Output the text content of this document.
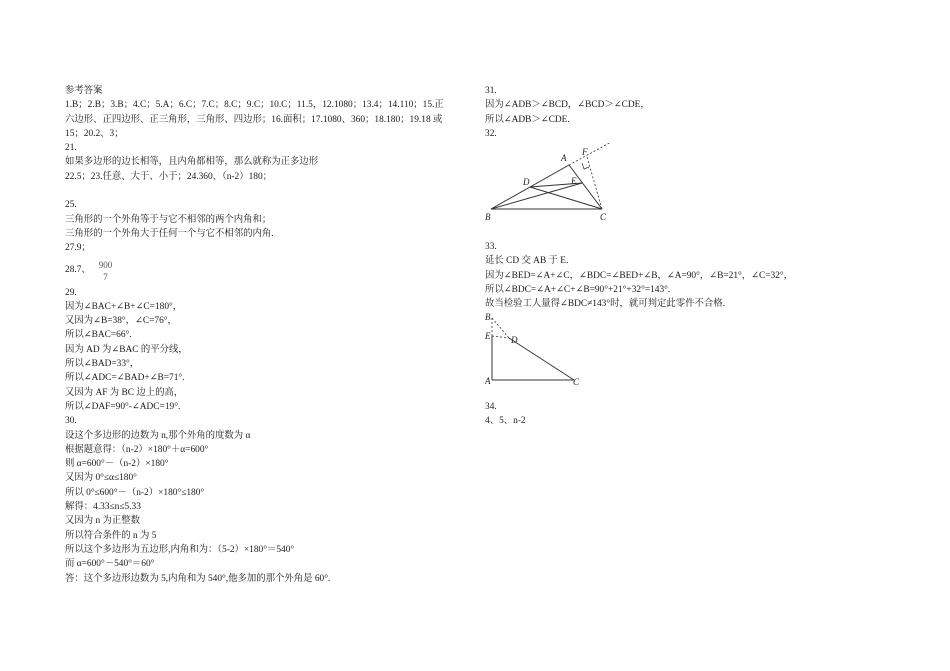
参考答案
1.B；2.B；3.B；4.C；5.A；6.C；7.C；8.C；9.C；10.C；11.5，12.1080；13.4；14.110；15.正
六边形、正四边形、正三角形，三角形、四边形；16.面积；17.1080、360；18.180；19.18 或
15；20.2、3；
21.
如果多边形的边长相等，且内角都相等，那么就称为正多边形
22.5；23.任意、大于、小于；24.360、（n-2）180；
25.
三角形的一个外角等于与它不相邻的两个内角和；
三角形的一个外角大于任何一个与它不相邻的内角.
27.9；
28.7、
900
7
29.
因为∠BAC+∠B+∠C=180°，
又因为∠B=38°，∠C=76°，
所以∠BAC=66°.
因为 AD 为∠BAC 的平分线，
所以∠BAD=33°，
所以∠ADC=∠BAD+∠B=71°.
又因为 AF 为 BC 边上的高，
所以∠DAF=90°-∠ADC=19°.
30.
设这个多边形的边数为 n,那个外角的度数为 α
根据题意得：（n-2）×180°＋α=600°
则 α=600°－（n-2）×180°
又因为 0°≤α≤180°
所以 0°≤600°－（n-2）×180°≤180°
解得：4.33≤n≤5.33
又因为 n 为正整数
所以符合条件的 n 为 5
所以这个多边形为五边形,内角和为：（5-2）×180°＝540°
而 α=600°－540°＝60°
答：这个多边形边数为 5,内角和为 540°,他多加的那个外角是 60°.
31.
因为∠ADB＞∠BCD，∠BCD＞∠CDE，
所以∠ADB＞∠CDE.
32.
A
F
D	E
B	C
33.
延长 CD 交 AB 于 E.
因为∠BED=∠A+∠C，∠BDC=∠BED+∠B，∠A=90°，∠B=21°，∠C=32°，
所以∠BDC=∠A+∠C+∠B=90°+21°+32°=143°.
故当检验工人量得∠BDC≠143°时，就可判定此零件不合格.
B
E D
A	C
34.
4、5、n-2
